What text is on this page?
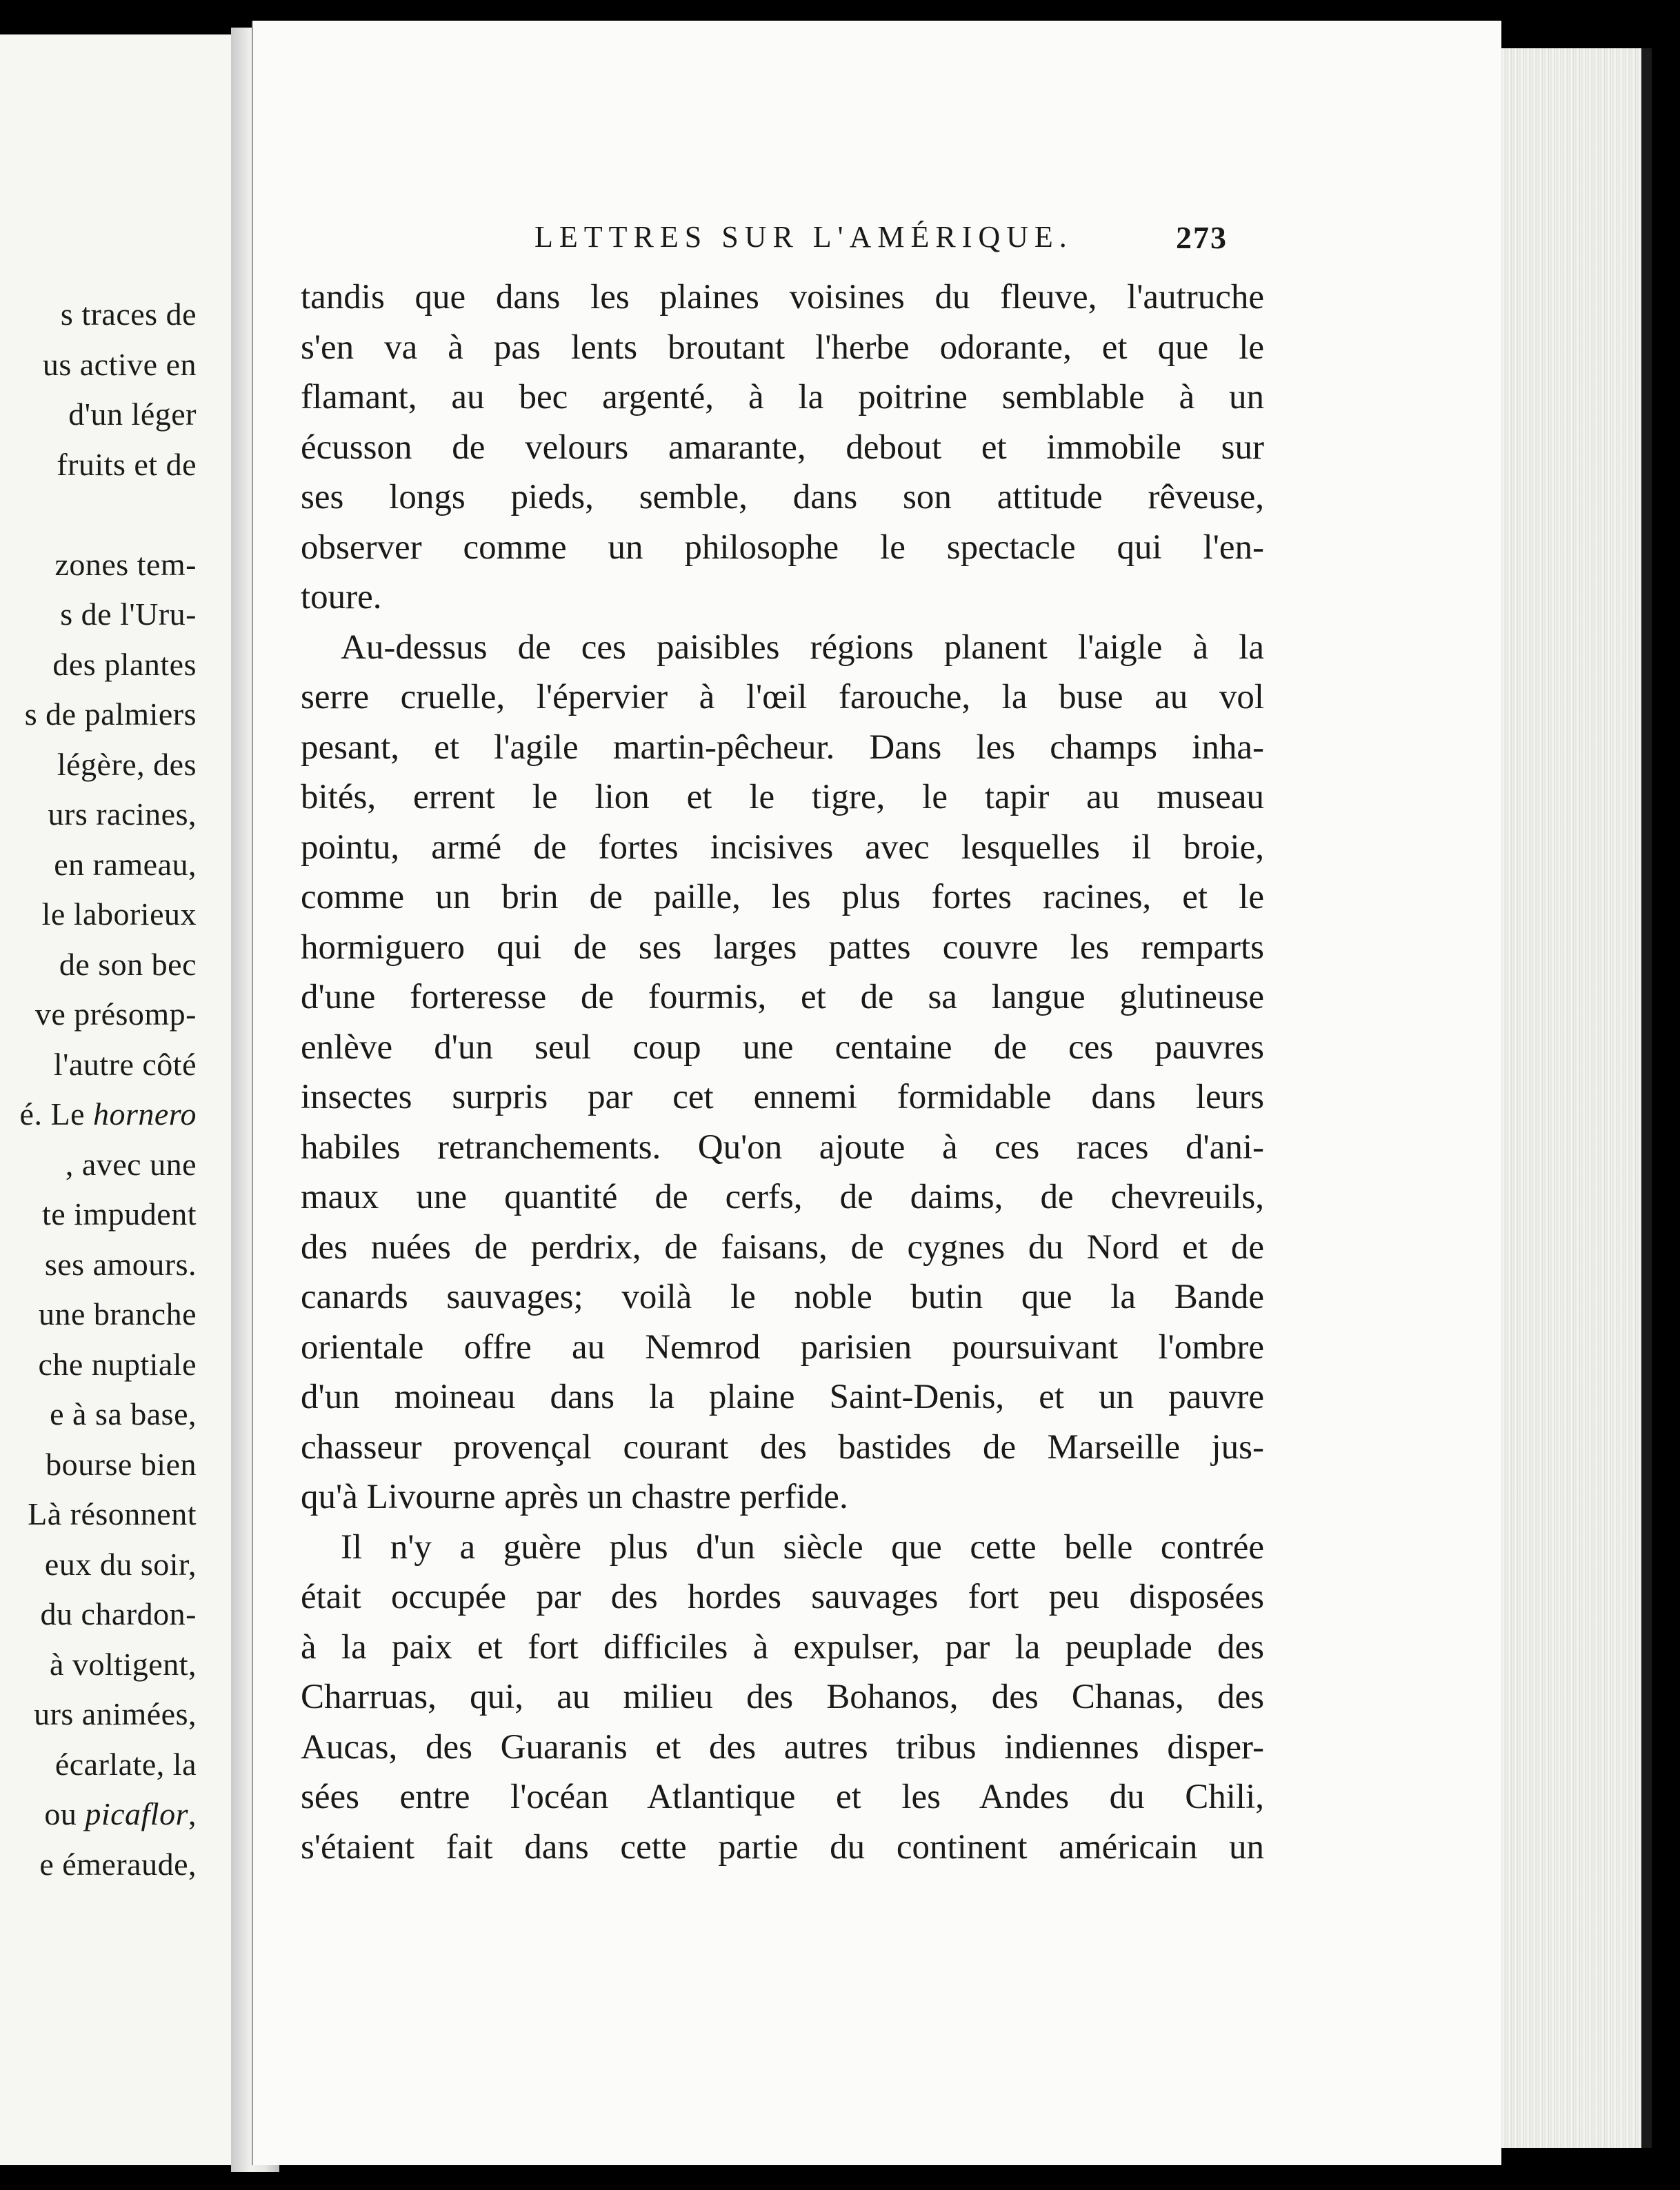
s traces de
us active en
d'un léger
fruits et de
zones tem-
s de l'Uru-
des plantes
s de palmiers
légère, des
urs racines,
en rameau,
le laborieux
de son bec
ve présomp-
l'autre côté
é. Le hornero
, avec une
te impudent
ses amours.
une branche
che nuptiale
e à sa base,
bourse bien
Là résonnent
eux du soir,
du chardon-
à voltigent,
urs animées,
écarlate, la
ou picaflor,
e émeraude,
LETTRES SUR L'AMÉRIQUE.	273
tandis que dans les plaines voisines du fleuve, l'autruche
s'en va à pas lents broutant l'herbe odorante, et que le
flamant, au bec argenté, à la poitrine semblable à un
écusson de velours amarante, debout et immobile sur
ses longs pieds, semble, dans son attitude rêveuse,
observer comme un philosophe le spectacle qui l'en-
toure.
Au-dessus de ces paisibles régions planent l'aigle à la
serre cruelle, l'épervier à l'œil farouche, la buse au vol
pesant, et l'agile martin-pêcheur. Dans les champs inha-
bités, errent le lion et le tigre, le tapir au museau
pointu, armé de fortes incisives avec lesquelles il broie,
comme un brin de paille, les plus fortes racines, et le
hormiguero qui de ses larges pattes couvre les remparts
d'une forteresse de fourmis, et de sa langue glutineuse
enlève d'un seul coup une centaine de ces pauvres
insectes surpris par cet ennemi formidable dans leurs
habiles retranchements. Qu'on ajoute à ces races d'ani-
maux une quantité de cerfs, de daims, de chevreuils,
des nuées de perdrix, de faisans, de cygnes du Nord et de
canards sauvages; voilà le noble butin que la Bande
orientale offre au Nemrod parisien poursuivant l'ombre
d'un moineau dans la plaine Saint-Denis, et un pauvre
chasseur provençal courant des bastides de Marseille jus-
qu'à Livourne après un chastre perfide.
Il n'y a guère plus d'un siècle que cette belle contrée
était occupée par des hordes sauvages fort peu disposées
à la paix et fort difficiles à expulser, par la peuplade des
Charruas, qui, au milieu des Bohanos, des Chanas, des
Aucas, des Guaranis et des autres tribus indiennes disper-
sées entre l'océan Atlantique et les Andes du Chili,
s'étaient fait dans cette partie du continent américain un
